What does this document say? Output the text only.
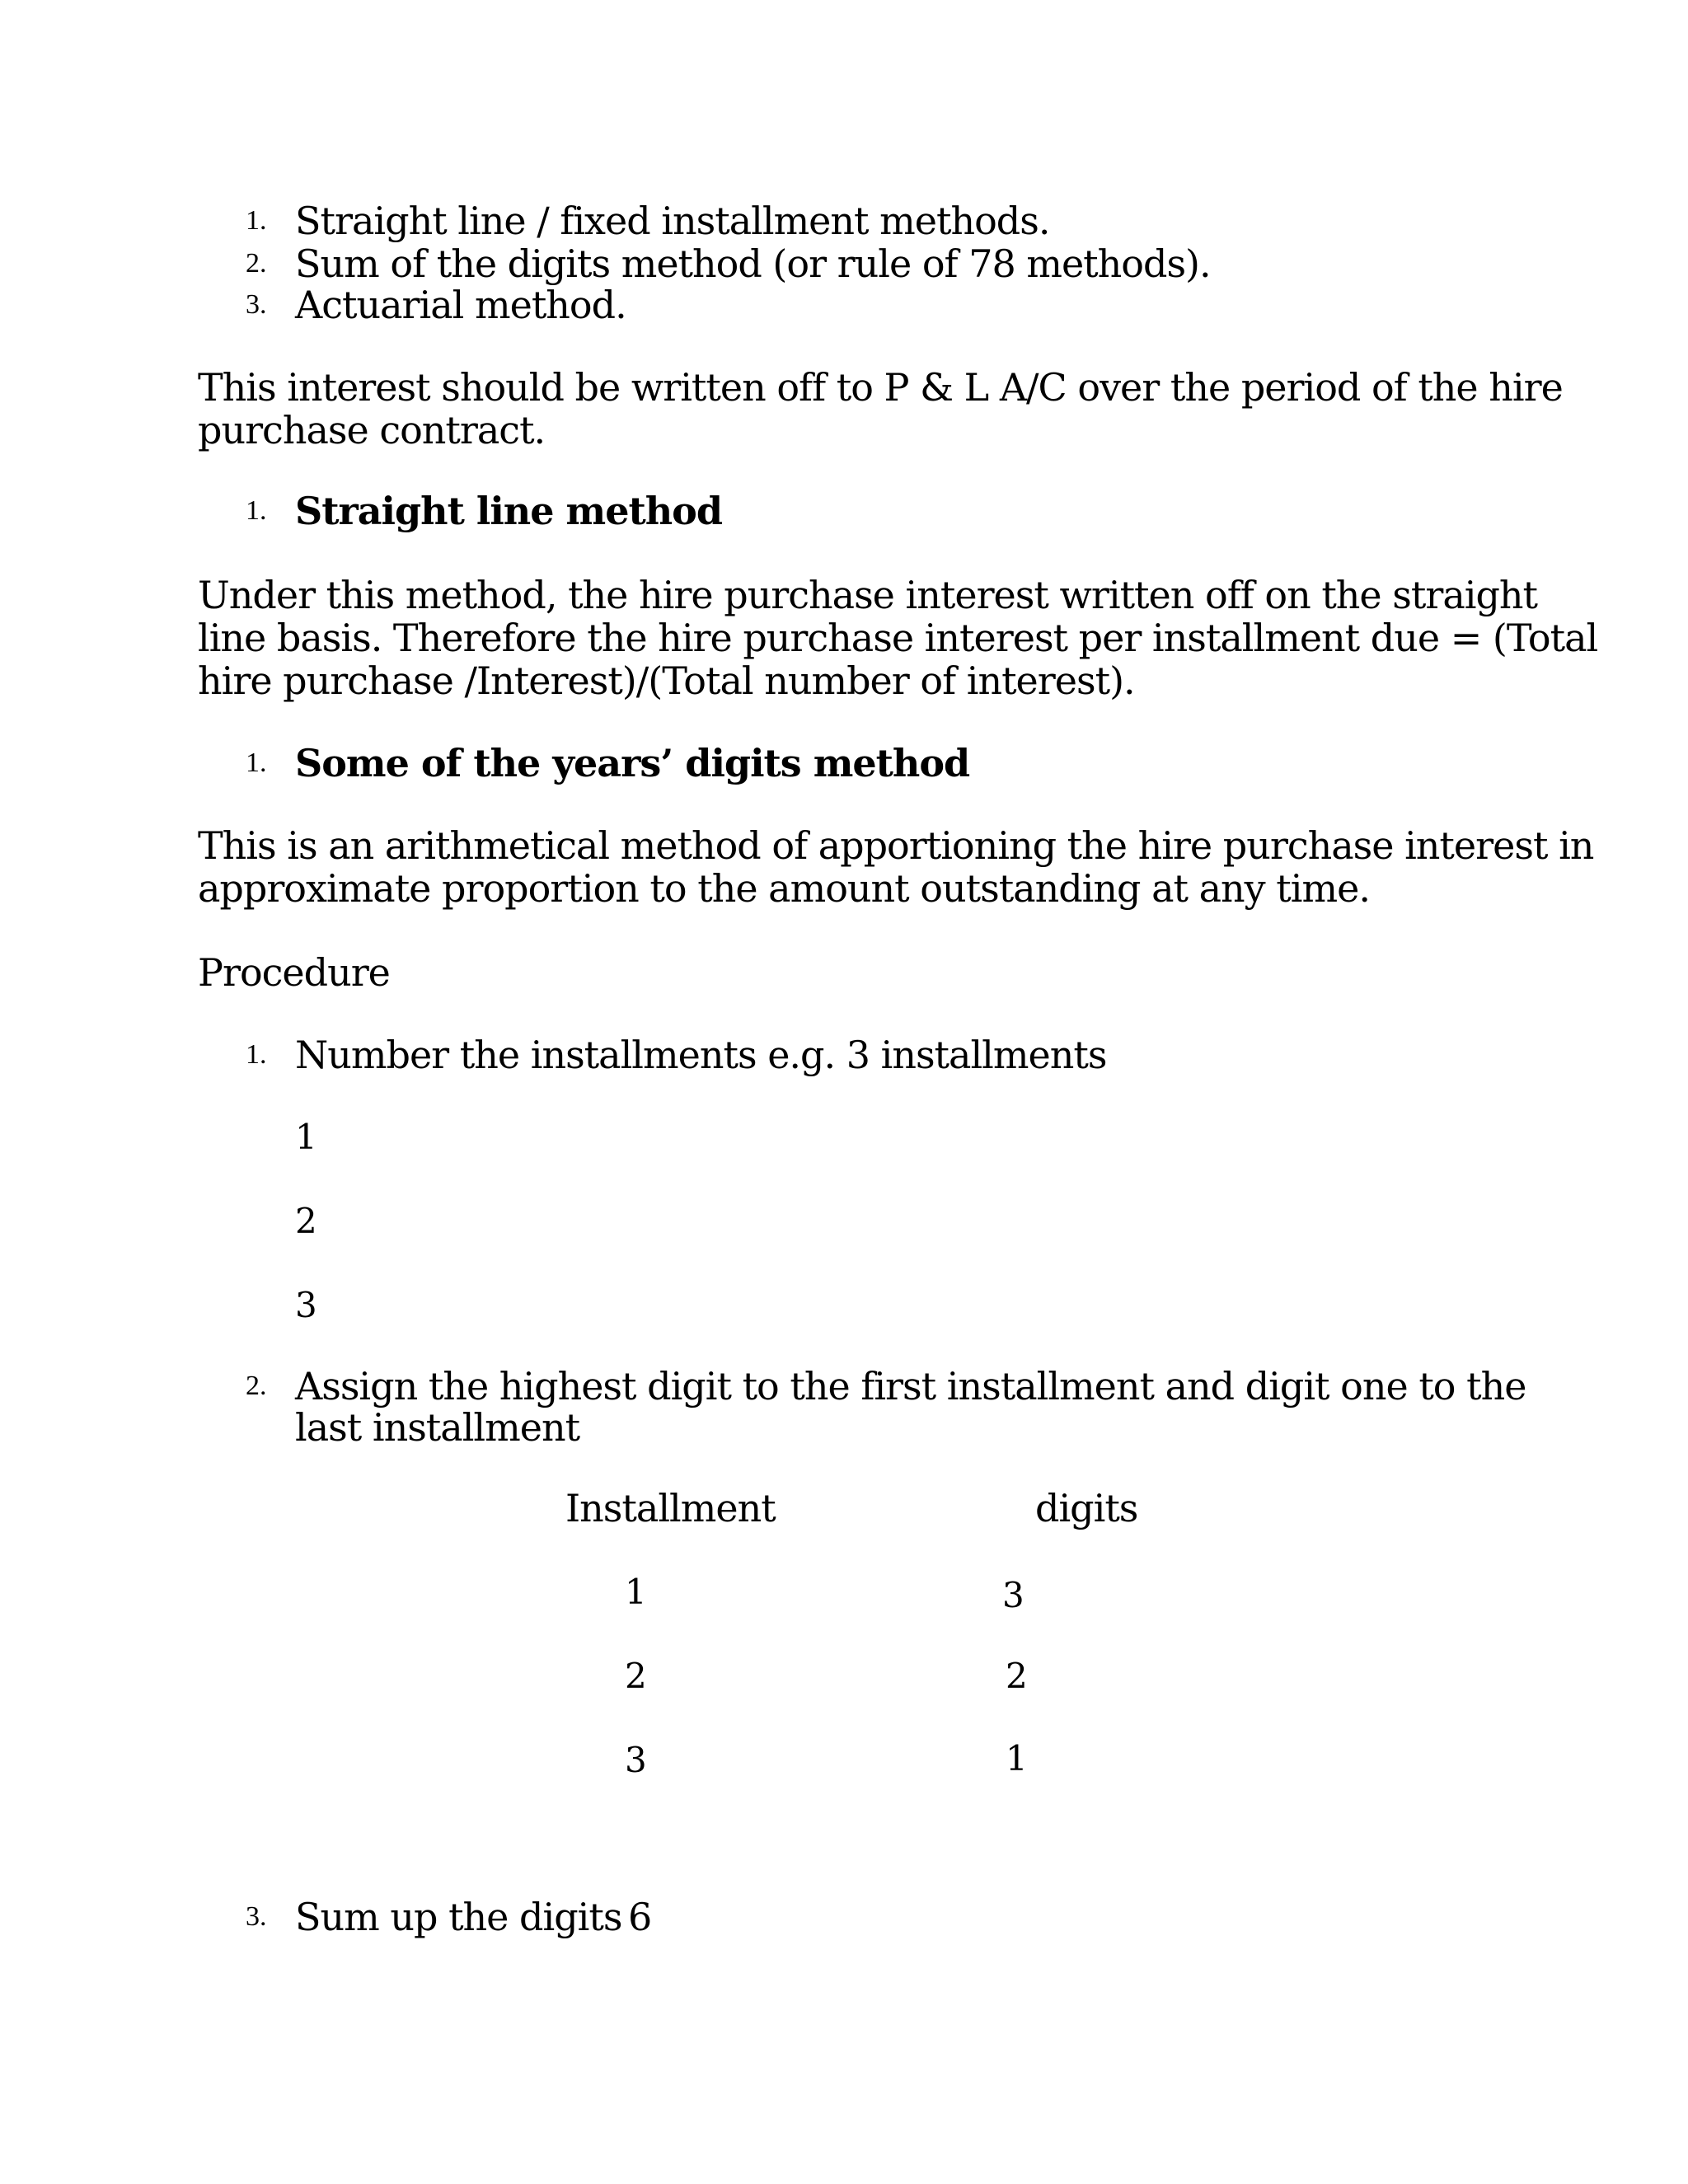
1. Straight line / fixed installment methods.
2. Sum of the digits method (or rule of 78 methods).
3. Actuarial method.
This interest should be written off to P & L A/C over the period of the hire
purchase contract.
1. Straight line method
Under this method, the hire purchase interest written off on the straight
line basis. Therefore the hire purchase interest per installment due = (Total
hire purchase /Interest)/(Total number of interest).
1. Some of the years’ digits method
This is an arithmetical method of apportioning the hire purchase interest in
approximate proportion to the amount outstanding at any time.
Procedure
1. Number the installments e.g. 3 installments
1
2
3
2. Assign the highest digit to the first installment and digit one to the
last installment
Installment	digits
1	3
2	2
3	1
3. Sum up the digits 6
